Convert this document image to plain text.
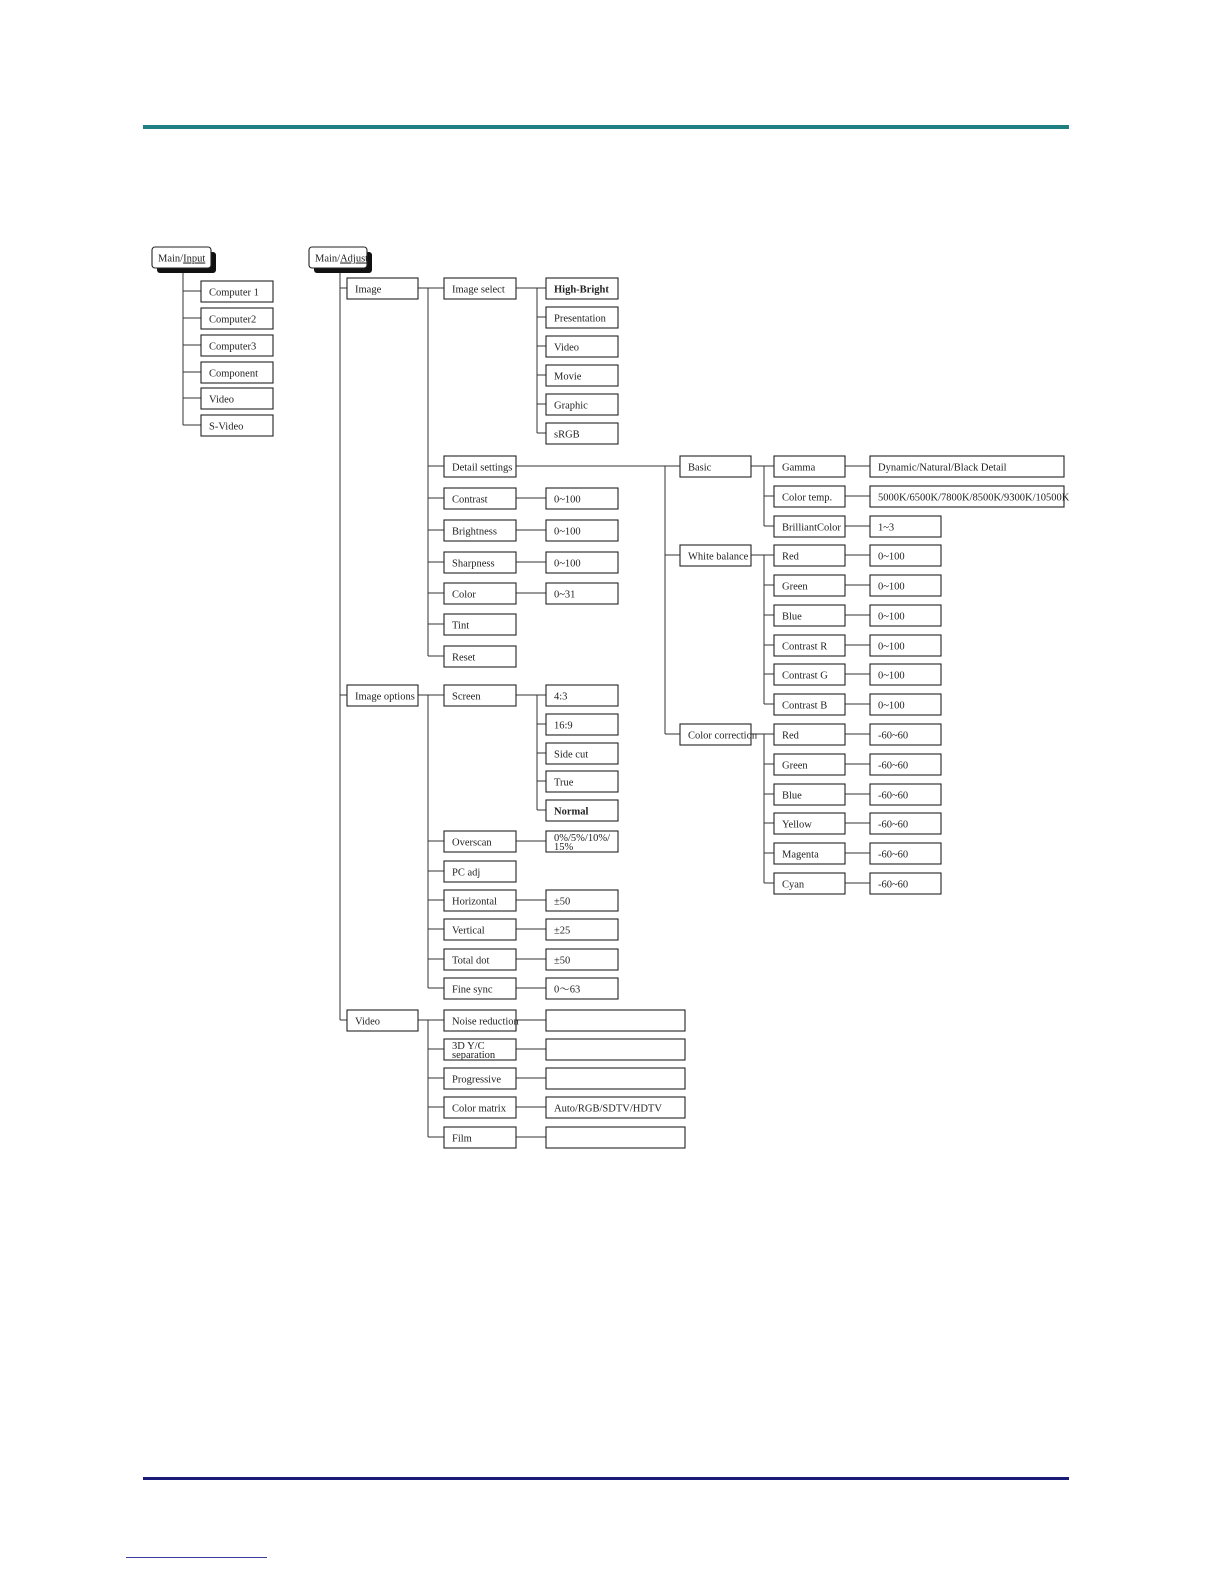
Main/Input
Computer 1
Computer2
Computer3
Component
Video
S-Video
Main/Adjust
Image
Image options
Video
Image select
Detail settings
Contrast	0~100
Brightness	0~100
Sharpness	0~100
Color	0~31
Tint
Reset
High-Bright
Presentation
Video
Movie
Graphic
sRGB
Basic	Gamma	Dynamic/Natural/Black Detail
Color temp.	5000K/6500K/7800K/8500K/9300K/10500K
BrilliantColor	1~3
White balance	Red	0~100
Green	0~100
Blue	0~100
Contrast R	0~100
Contrast G	0~100
Contrast B	0~100
Color correction Red	-60~60
Green	-60~60
Blue	-60~60
Yellow	-60~60
Magenta	-60~60
Cyan	-60~60
Screen
Overscan	0%/5%/10%/
15%
PC adj
Horizontal	±50
Vertical	±25
Total dot	±50
Fine sync	0～63
4:3
16:9
Side cut
True
Normal
Noise reduction
3D Y/C
separation
Progressive
Color matrix	Auto/RGB/SDTV/HDTV
Film
